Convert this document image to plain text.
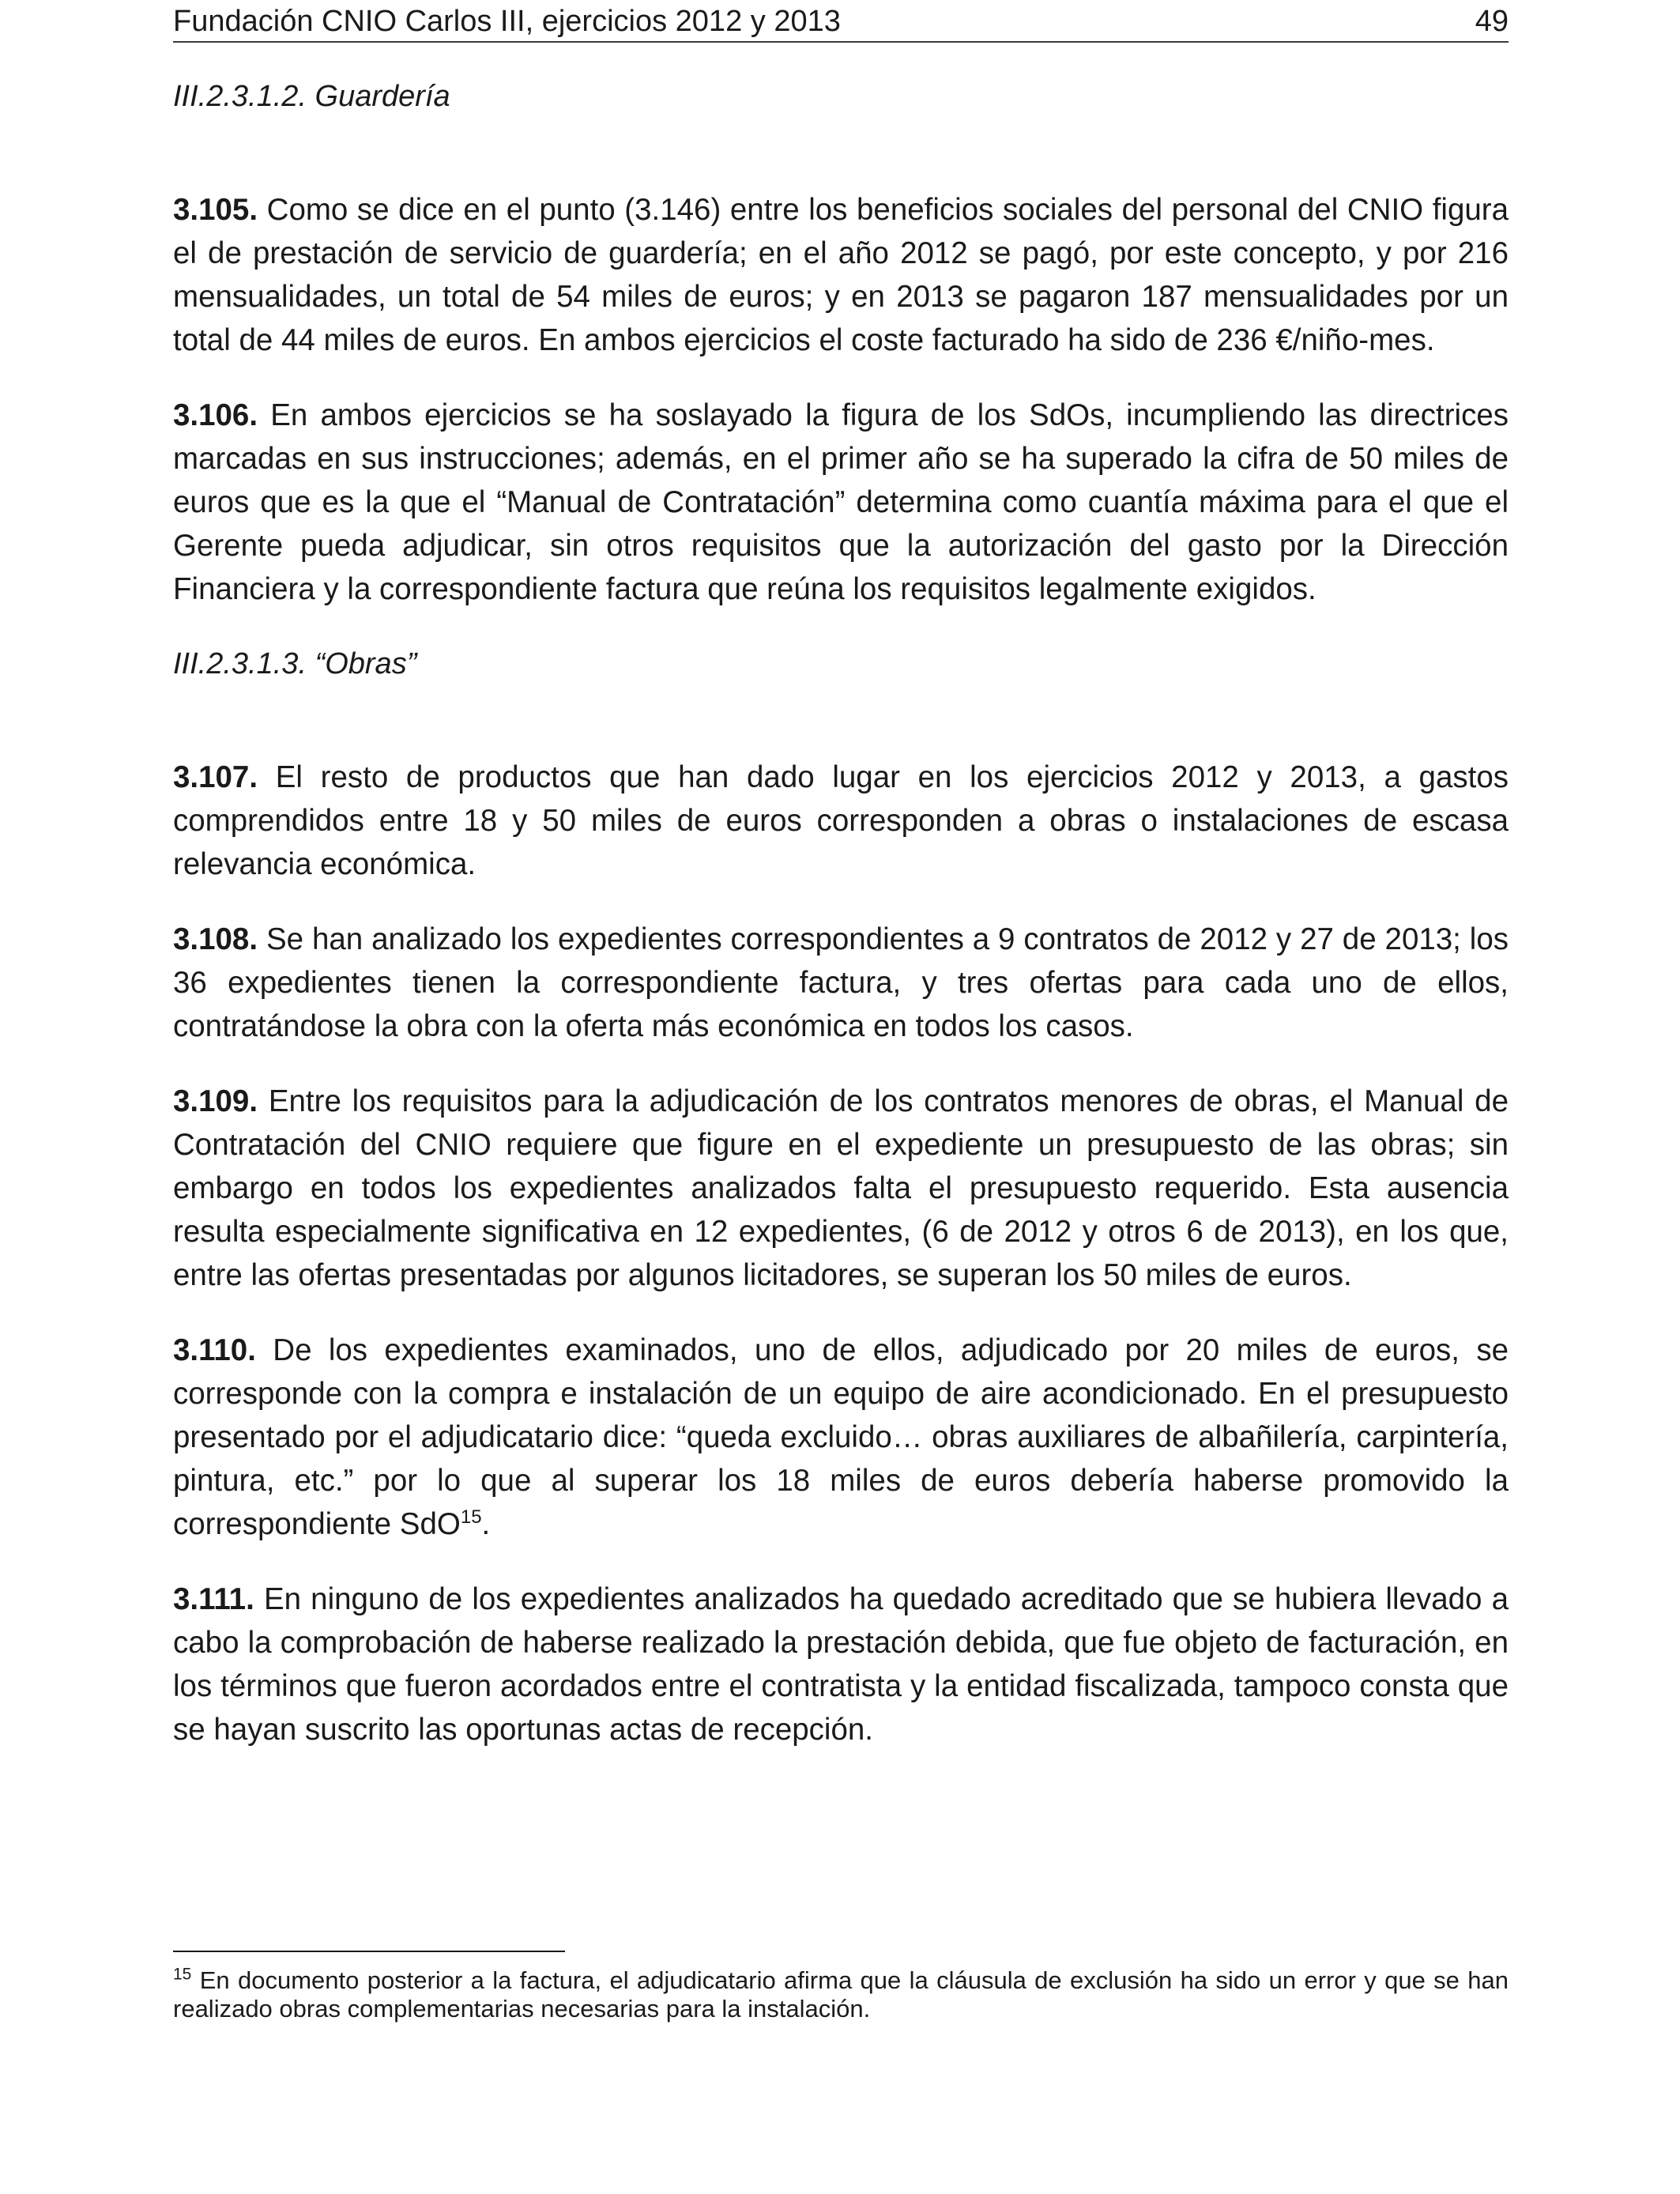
Fundación CNIO Carlos III, ejercicios 2012 y 2013	49

III.2.3.1.2. Guardería

3.105. Como se dice en el punto (3.146) entre los beneficios sociales del personal del CNIO figura el de prestación de servicio de guardería; en el año 2012 se pagó, por este concepto, y por 216 mensualidades, un total de 54 miles de euros; y en 2013 se pagaron 187 mensualidades por un total de 44 miles de euros. En ambos ejercicios el coste facturado ha sido de 236 €/niño-mes.

3.106. En ambos ejercicios se ha soslayado la figura de los SdOs, incumpliendo las directrices marcadas en sus instrucciones; además, en el primer año se ha superado la cifra de 50 miles de euros que es la que el “Manual de Contratación” determina como cuantía máxima para el que el Gerente pueda adjudicar, sin otros requisitos que la autorización del gasto por la Dirección Financiera y la correspondiente factura que reúna los requisitos legalmente exigidos.

III.2.3.1.3. “Obras”

3.107. El resto de productos que han dado lugar en los ejercicios 2012 y 2013, a gastos comprendidos entre 18 y 50 miles de euros corresponden a obras o instalaciones de escasa relevancia económica.

3.108. Se han analizado los expedientes correspondientes a 9 contratos de 2012 y 27 de 2013; los 36 expedientes tienen la correspondiente factura, y tres ofertas para cada uno de ellos, contratándose la obra con la oferta más económica en todos los casos.

3.109. Entre los requisitos para la adjudicación de los contratos menores de obras, el Manual de Contratación del CNIO requiere que figure en el expediente un presupuesto de las obras; sin embargo en todos los expedientes analizados falta el presupuesto requerido. Esta ausencia resulta especialmente significativa en 12 expedientes, (6 de 2012 y otros 6 de 2013), en los que, entre las ofertas presentadas por algunos licitadores, se superan los 50 miles de euros.

3.110. De los expedientes examinados, uno de ellos, adjudicado por 20 miles de euros, se corresponde con la compra e instalación de un equipo de aire acondicionado. En el presupuesto presentado por el adjudicatario dice: “queda excluido… obras auxiliares de albañilería, carpintería, pintura, etc.” por lo que al superar los 18 miles de euros debería haberse promovido la correspondiente SdO$^{15}$.

3.111. En ninguno de los expedientes analizados ha quedado acreditado que se hubiera llevado a cabo la comprobación de haberse realizado la prestación debida, que fue objeto de facturación, en los términos que fueron acordados entre el contratista y la entidad fiscalizada, tampoco consta que se hayan suscrito las oportunas actas de recepción.

$^{15}$ En documento posterior a la factura, el adjudicatario afirma que la cláusula de exclusión ha sido un error y que se han realizado obras complementarias necesarias para la instalación.
